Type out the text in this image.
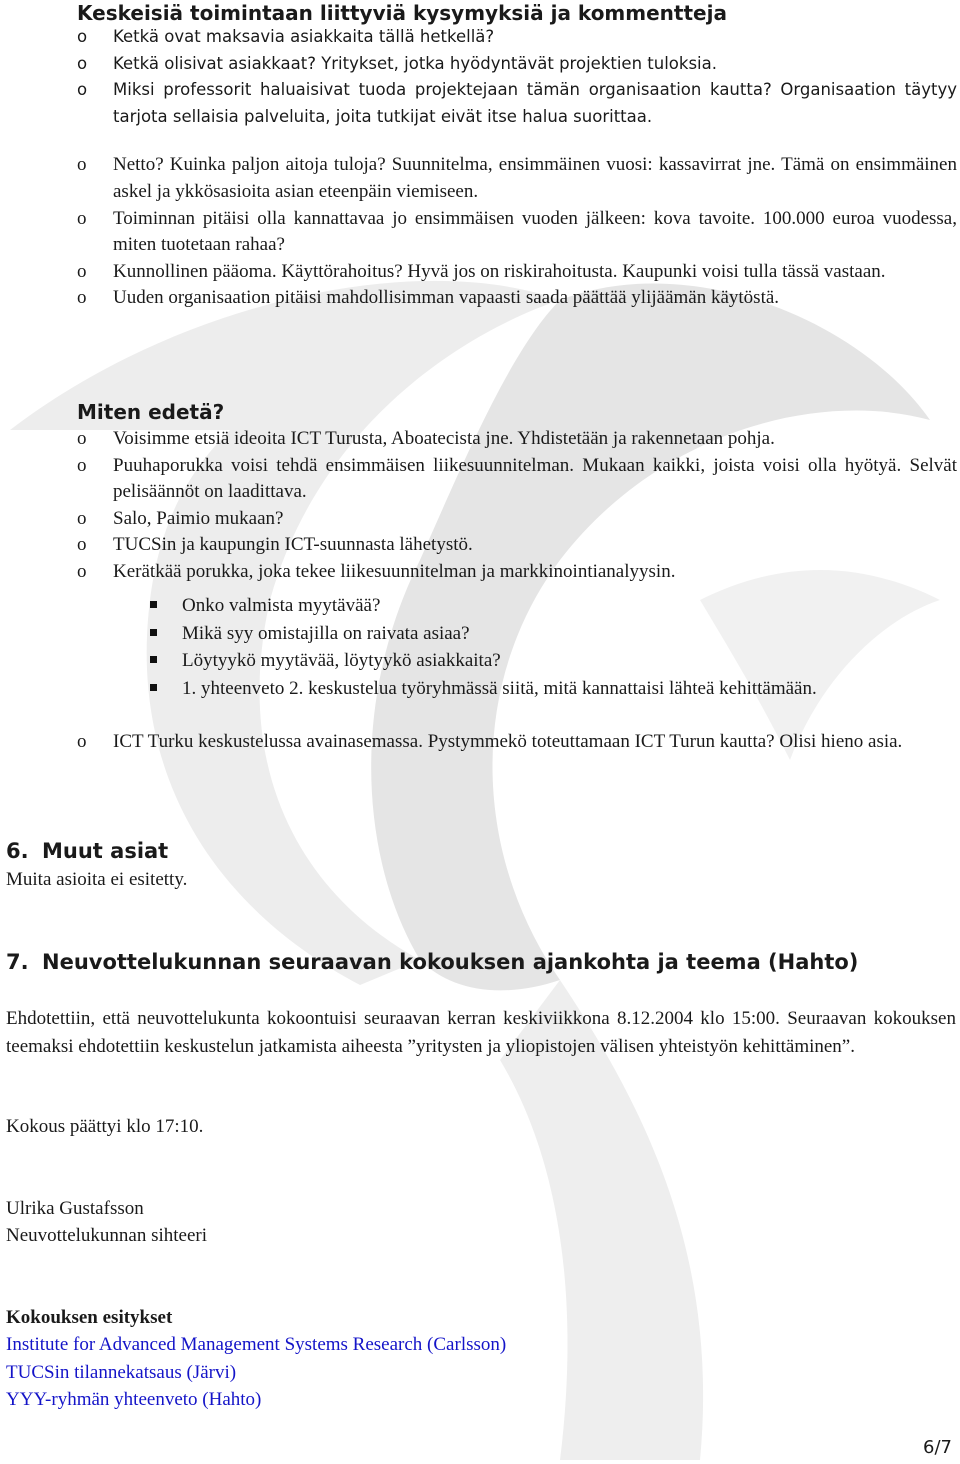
Keskeisiä toimintaan liittyviä kysymyksiä ja kommentteja
o Ketkä ovat maksavia asiakkaita tällä hetkellä?
o Ketkä olisivat asiakkaat? Yritykset, jotka hyödyntävät projektien tuloksia.
o Miksi professorit haluaisivat tuoda projektejaan tämän organisaation kautta? Organisaation täytyy tarjota sellaisia palveluita, joita tutkijat eivät itse halua suorittaa.
o Netto? Kuinka paljon aitoja tuloja? Suunnitelma, ensimmäinen vuosi: kassavirrat jne. Tämä on ensimmäinen askel ja ykkösasioita asian eteenpäin viemiseen.
o Toiminnan pitäisi olla kannattavaa jo ensimmäisen vuoden jälkeen: kova tavoite. 100.000 euroa vuodessa, miten tuotetaan rahaa?
o Kunnollinen pääoma. Käyttörahoitus? Hyvä jos on riskirahoitusta. Kaupunki voisi tulla tässä vastaan.
o Uuden organisaation pitäisi mahdollisimman vapaasti saada päättää ylijäämän käytöstä.
Miten edetä?
o Voisimme etsiä ideoita ICT Turusta, Aboatecista jne. Yhdistetään ja rakennetaan pohja.
o Puuhaporukka voisi tehdä ensimmäisen liikesuunnitelman. Mukaan kaikki, joista voisi olla hyötyä. Selvät pelisäännöt on laadittava.
o Salo, Paimio mukaan?
o TUCSin ja kaupungin ICT-suunnasta lähetystö.
o Kerätkää porukka, joka tekee liikesuunnitelman ja markkinointianalyysin.
Onko valmista myytävää?
Mikä syy omistajilla on raivata asiaa?
Löytyykö myytävää, löytyykö asiakkaita?
1. yhteenveto 2. keskustelua työryhmässä siitä, mitä kannattaisi lähteä kehittämään.
o ICT Turku keskustelussa avainasemassa. Pystymmekö toteuttamaan ICT Turun kautta? Olisi hieno asia.
6. Muut asiat

Muita asioita ei esitetty.

7. Neuvottelukunnan seuraavan kokouksen ajankohta ja teema (Hahto)

Ehdotettiin, että neuvottelukunta kokoontuisi seuraavan kerran keskiviikkona 8.12.2004 klo 15:00. Seuraavan kokouksen teemaksi ehdotettiin keskustelun jatkamista aiheesta ”yritysten ja yliopistojen välisen yhteistyön kehittäminen”.

Kokous päättyi klo 17:10.

Ulrika Gustafsson

Neuvottelukunnan sihteeri

Kokouksen esitykset

Institute for Advanced Management Systems Research (Carlsson)
TUCSin tilannekatsaus (Järvi)
YYY-ryhmän yhteenveto (Hahto)
6/7
